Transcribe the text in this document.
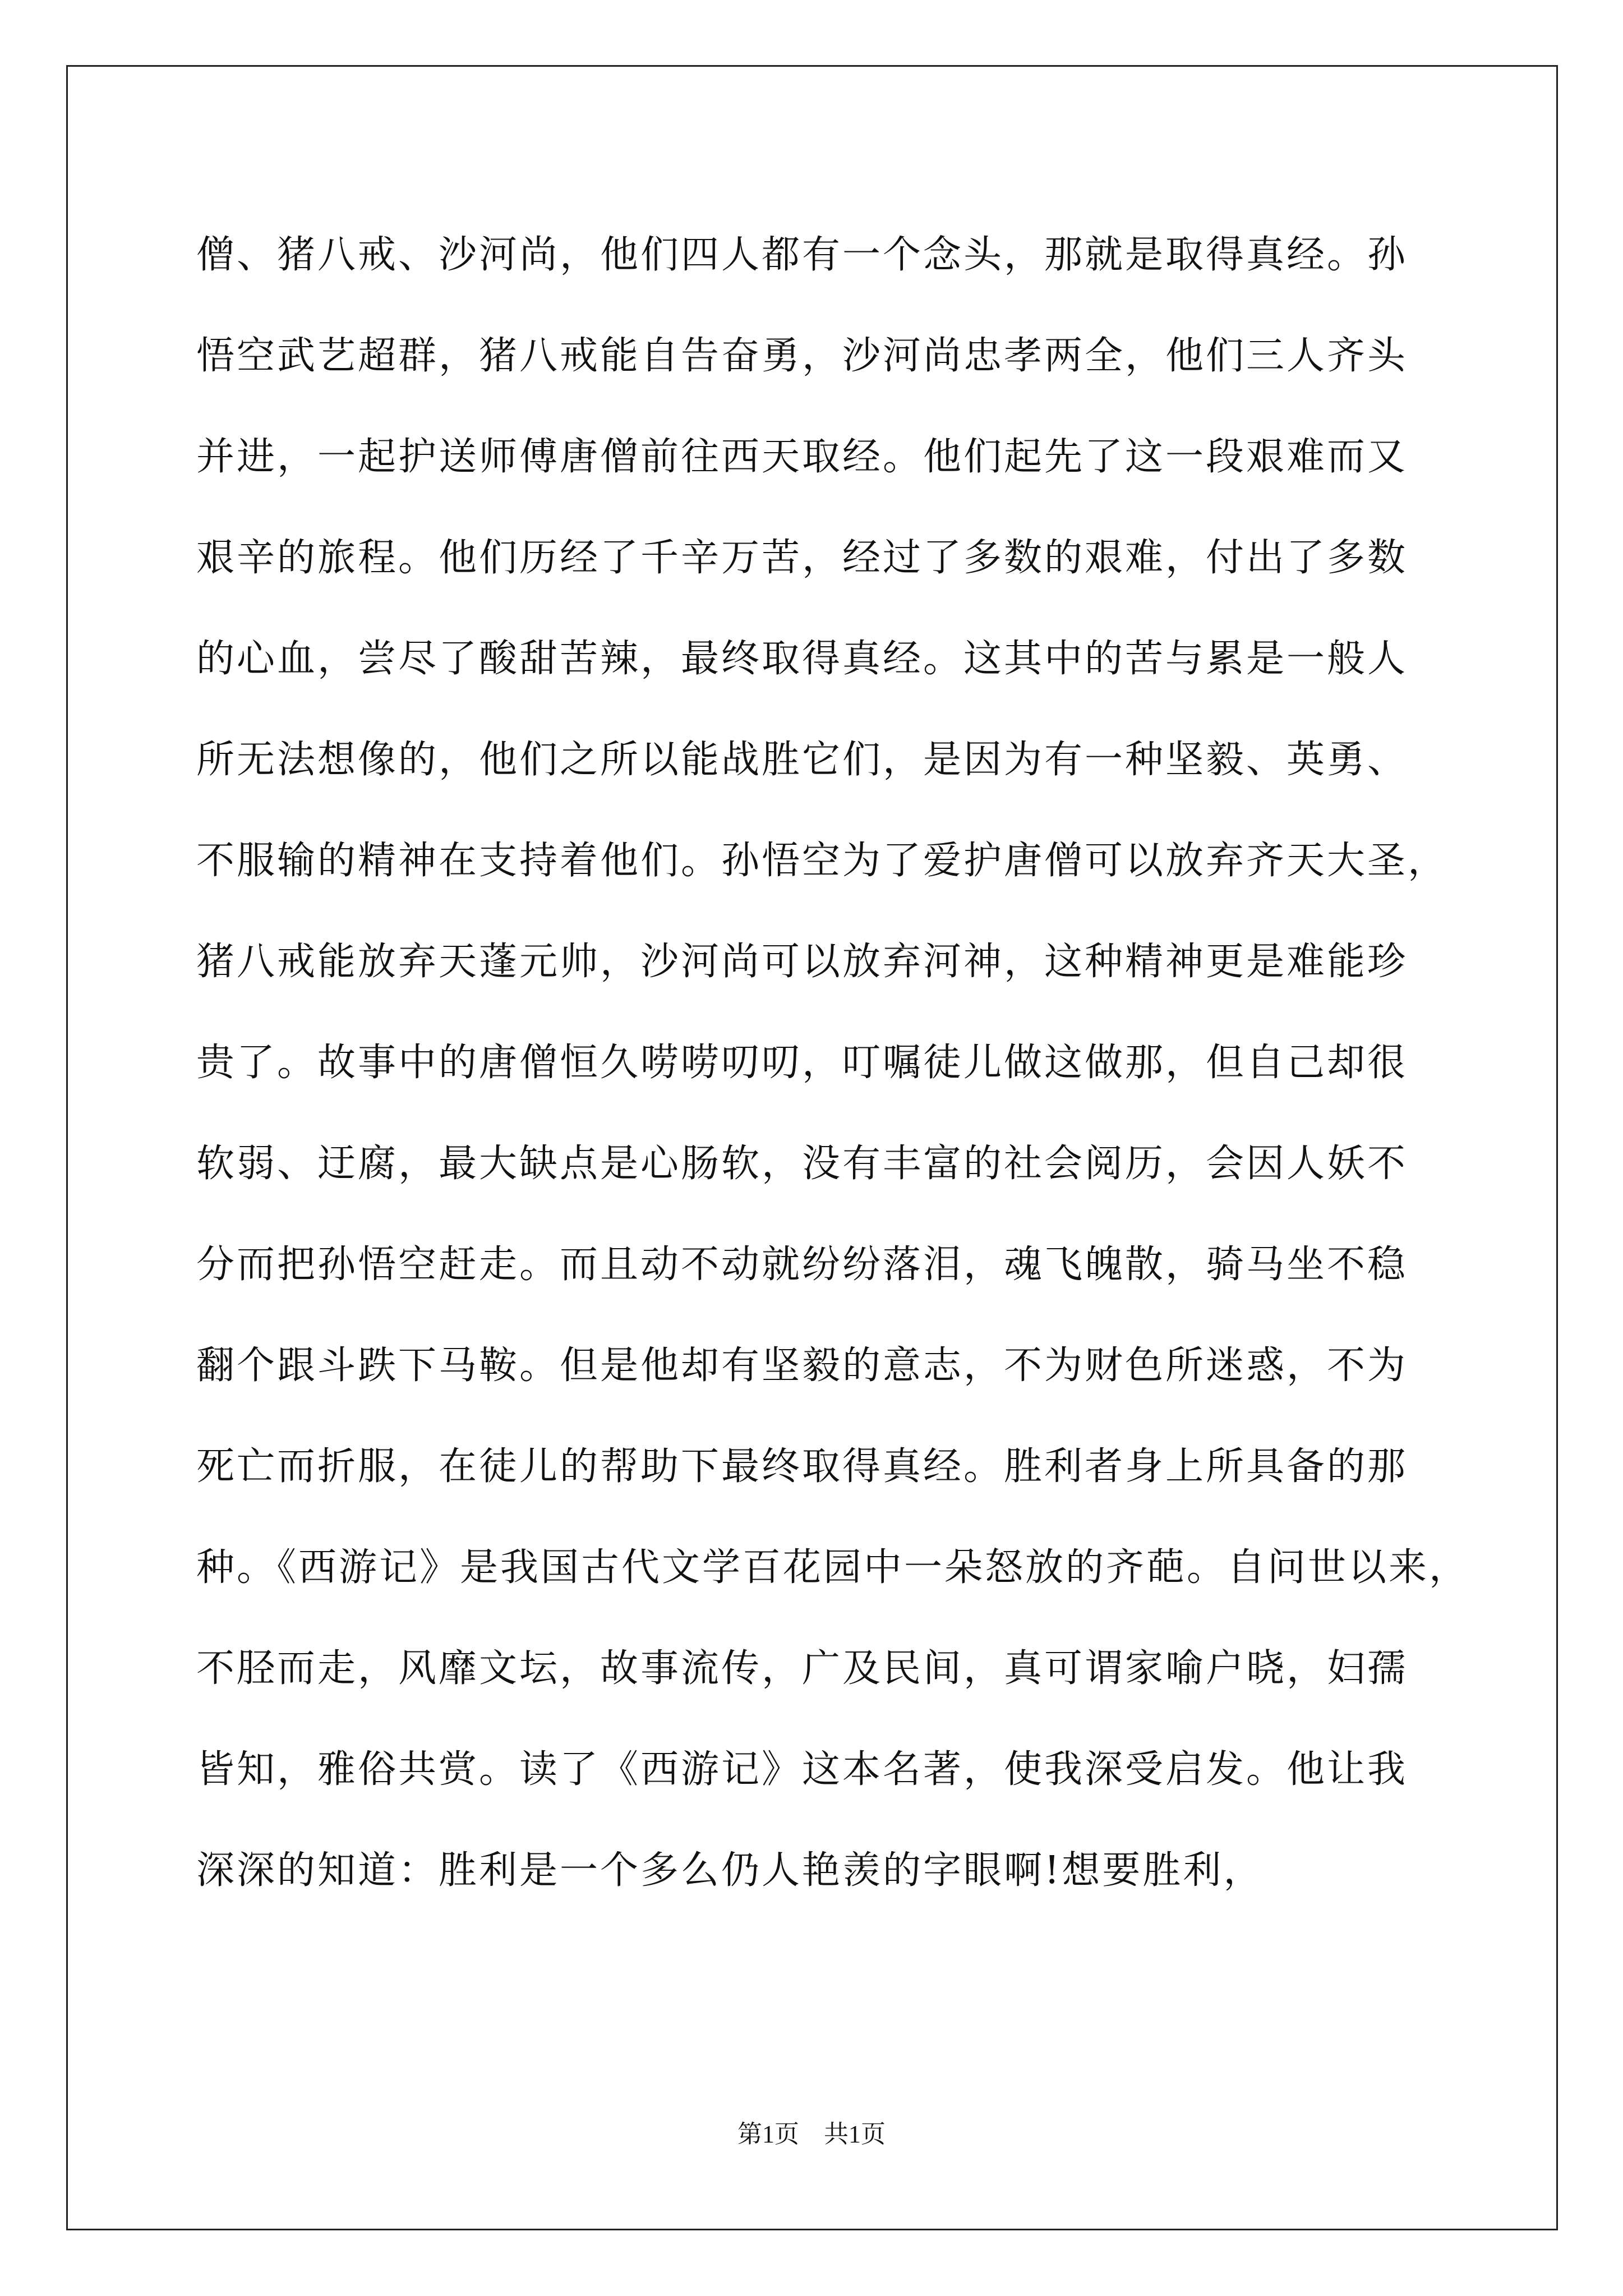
僧、猪八戒、沙河尚，他们四人都有一个念头，那就是取得真经。孙
悟空武艺超群，猪八戒能自告奋勇，沙河尚忠孝两全，他们三人齐头
并进，一起护送师傅唐僧前往西天取经。他们起先了这一段艰难而又
艰辛的旅程。他们历经了千辛万苦，经过了多数的艰难，付出了多数
的心血，尝尽了酸甜苦辣，最终取得真经。这其中的苦与累是一般人
所无法想像的，他们之所以能战胜它们，是因为有一种坚毅、英勇、
不服输的精神在支持着他们。孙悟空为了爱护唐僧可以放弃齐天大圣，
猪八戒能放弃天蓬元帅，沙河尚可以放弃河神，这种精神更是难能珍
贵了。故事中的唐僧恒久唠唠叨叨，叮嘱徒儿做这做那，但自己却很
软弱、迂腐，最大缺点是心肠软，没有丰富的社会阅历，会因人妖不
分而把孙悟空赶走。而且动不动就纷纷落泪，魂飞魄散，骑马坐不稳
翻个跟斗跌下马鞍。但是他却有坚毅的意志，不为财色所迷惑，不为
死亡而折服，在徒儿的帮助下最终取得真经。胜利者身上所具备的那
种。《西游记》是我国古代文学百花园中一朵怒放的齐葩。自问世以来，
不胫而走，风靡文坛，故事流传，广及民间，真可谓家喻户晓，妇孺
皆知，雅俗共赏。读了《西游记》这本名著，使我深受启发。他让我
深深的知道：胜利是一个多么仍人艳羡的字眼啊!想要胜利，
第1页 共1页
